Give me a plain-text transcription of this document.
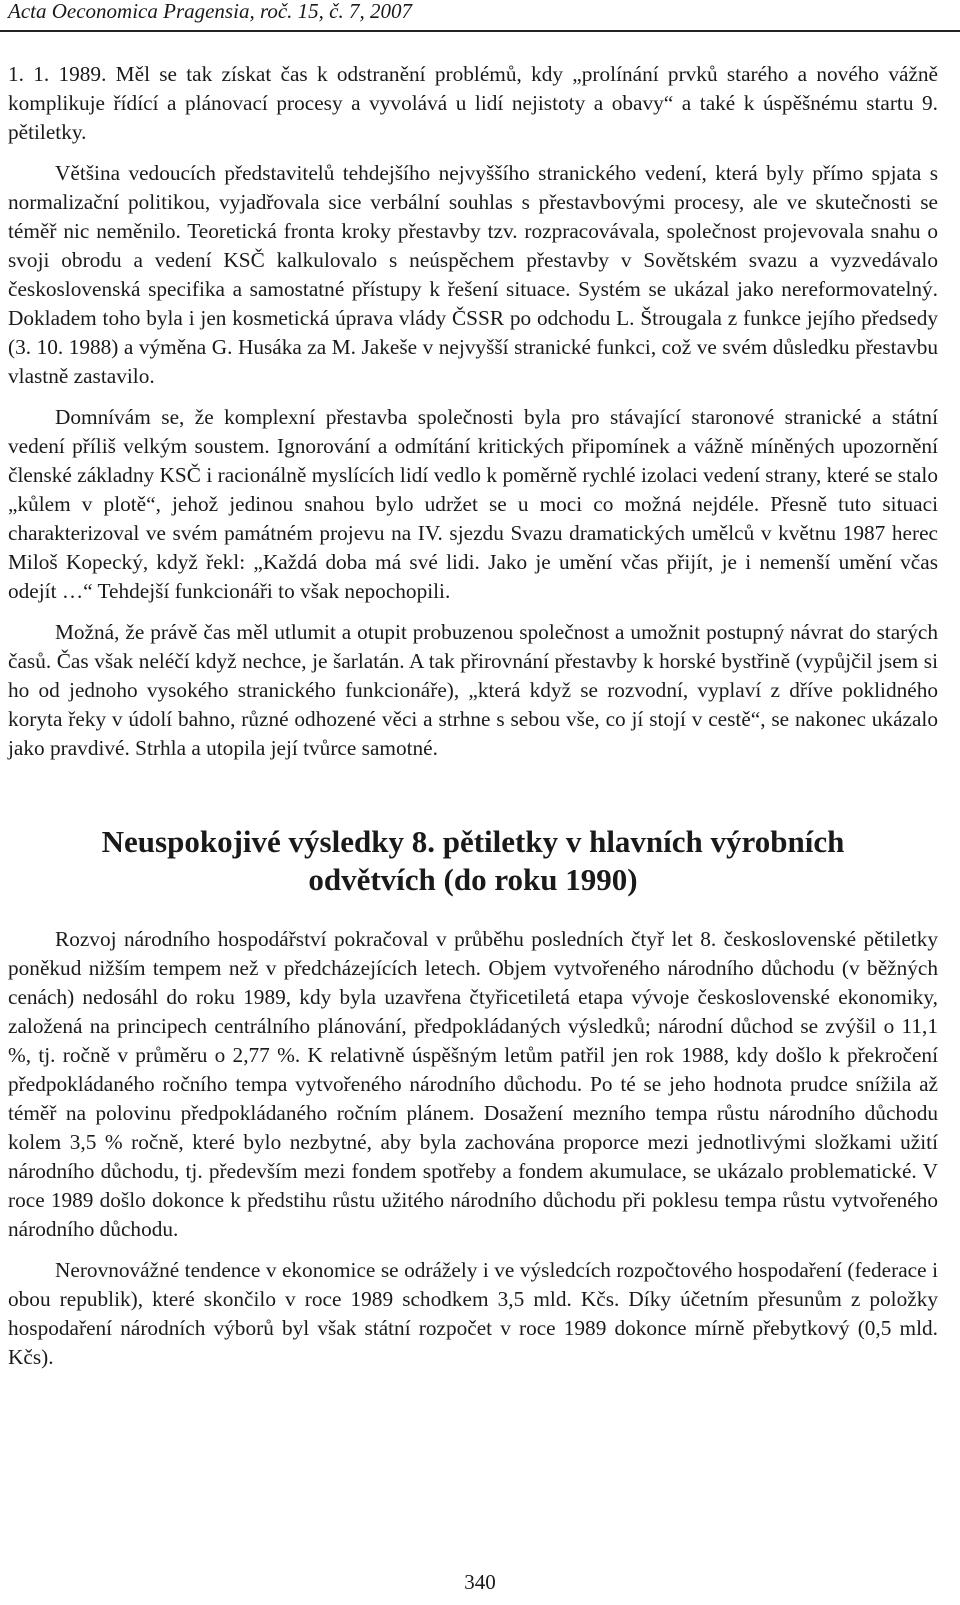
Acta Oeconomica Pragensia, roč. 15, č. 7, 2007

1. 1. 1989. Měl se tak získat čas k odstranění problémů, kdy „prolínání prvků starého a nového vážně komplikuje řídící a plánovací procesy a vyvolává u lidí nejistoty a obavy“ a také k úspěšnému startu 9. pětiletky.

Většina vedoucích představitelů tehdejšího nejvyššího stranického vedení, která byly přímo spjata s normalizační politikou, vyjadřovala sice verbální souhlas s přestavbovými procesy, ale ve skutečnosti se téměř nic neměnilo. Teoretická fronta kroky přestavby tzv. rozpracovávala, společnost projevovala snahu o svoji obrodu a vedení KSČ kalkulovalo s neúspěchem přestavby v Sovětském svazu a vyzvedávalo československá specifika a samostatné přístupy k řešení situace. Systém se ukázal jako nereformovatelný. Dokladem toho byla i jen kosmetická úprava vlády ČSSR po odchodu L. Štrougala z funkce jejího předsedy (3. 10. 1988) a výměna G. Husáka za M. Jakeše v nejvyšší stranické funkci, což ve svém důsledku přestavbu vlastně zastavilo.

Domnívám se, že komplexní přestavba společnosti byla pro stávající staronové stranické a státní vedení příliš velkým soustem. Ignorování a odmítání kritických připomínek a vážně míněných upozornění členské základny KSČ i racionálně myslících lidí vedlo k poměrně rychlé izolaci vedení strany, které se stalo „kůlem v plotě“, jehož jedinou snahou bylo udržet se u moci co možná nejdéle. Přesně tuto situaci charakterizoval ve svém památném projevu na IV. sjezdu Svazu dramatických umělců v květnu 1987 herec Miloš Kopecký, když řekl: „Každá doba má své lidi. Jako je umění včas přijít, je i nemenší umění včas odejít …“ Tehdejší funkcionáři to však nepochopili.

Možná, že právě čas měl utlumit a otupit probuzenou společnost a umožnit postupný návrat do starých časů. Čas však neléčí když nechce, je šarlatán. A tak přirovnání přestavby k horské bystřině (vypůjčil jsem si ho od jednoho vysokého stranického funkcionáře), „která když se rozvodní, vyplaví z dříve poklidného koryta řeky v údolí bahno, různé odhozené věci a strhne s sebou vše, co jí stojí v cestě“, se nakonec ukázalo jako pravdivé. Strhla a utopila její tvůrce samotné.

Neuspokojivé výsledky 8. pětiletky v hlavních výrobních
odvětvích (do roku 1990)

Rozvoj národního hospodářství pokračoval v průběhu posledních čtyř let 8. československé pětiletky poněkud nižším tempem než v předcházejících letech. Objem vytvořeného národního důchodu (v běžných cenách) nedosáhl do roku 1989, kdy byla uzavřena čtyřicetiletá etapa vývoje československé ekonomiky, založená na principech centrálního plánování, předpokládaných výsledků; národní důchod se zvýšil o 11,1 %, tj. ročně v průměru o 2,77 %. K relativně úspěšným letům patřil jen rok 1988, kdy došlo k překročení předpokládaného ročního tempa vytvořeného národního důchodu. Po té se jeho hodnota prudce snížila až téměř na polovinu předpokládaného ročním plánem. Dosažení mezního tempa růstu národního důchodu kolem 3,5 % ročně, které bylo nezbytné, aby byla zachována proporce mezi jednotlivými složkami užití národního důchodu, tj. především mezi fondem spotřeby a fondem akumulace, se ukázalo problematické. V roce 1989 došlo dokonce k předstihu růstu užitého národního důchodu při poklesu tempa růstu vytvořeného národního důchodu.

Nerovnovážné tendence v ekonomice se odrážely i ve výsledcích rozpočtového hospodaření (federace i obou republik), které skončilo v roce 1989 schodkem 3,5 mld. Kčs. Díky účetním přesunům z položky hospodaření národních výborů byl však státní rozpočet v roce 1989 dokonce mírně přebytkový (0,5 mld. Kčs).

340
